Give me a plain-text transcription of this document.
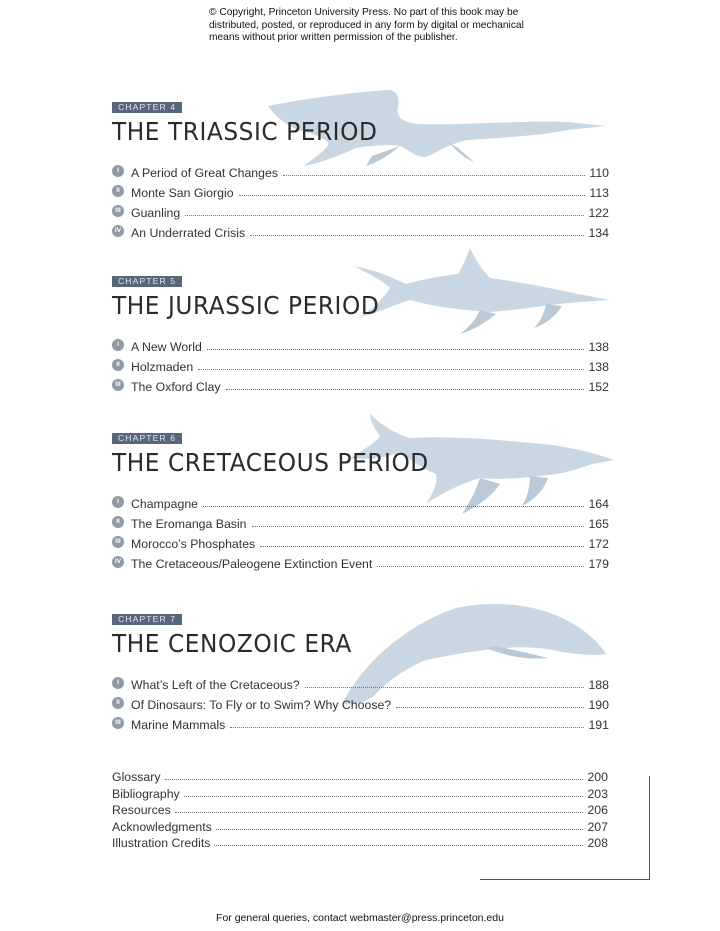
© Copyright, Princeton University Press. No part of this book may be distributed, posted, or reproduced in any form by digital or mechanical means without prior written permission of the publisher.
CHAPTER 4
THE TRIASSIC PERIOD
I A Period of Great Changes	110
II Monte San Giorgio	113
III Guanling	122
IV An Underrated Crisis	134
CHAPTER 5
THE JURASSIC PERIOD
I A New World	138
II Holzmaden	138
III The Oxford Clay	152
CHAPTER 6
THE CRETACEOUS PERIOD
I Champagne	164
II The Eromanga Basin	165
III Morocco’s Phosphates	172
IV The Cretaceous/Paleogene Extinction Event	179
CHAPTER 7
THE CENOZOIC ERA
I What’s Left of the Cretaceous?	188
II Of Dinosaurs: To Fly or to Swim? Why Choose?	190
III Marine Mammals	191
Glossary	200
Bibliography	203
Resources	206
Acknowledgments	207
Illustration Credits	208
For general queries, contact webmaster@press.princeton.edu
